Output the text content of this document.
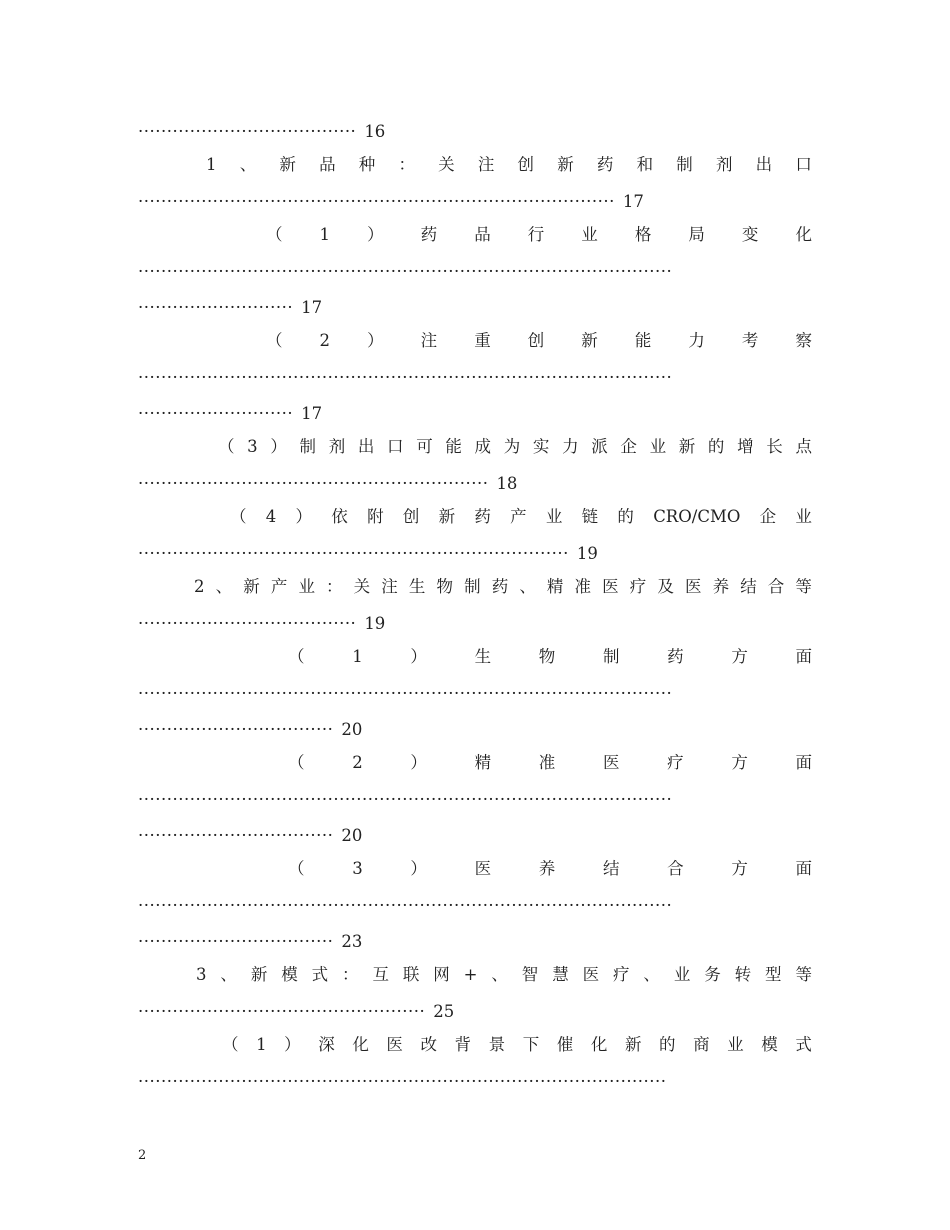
······································ 16
1 、 新 品 种 ： 关 注 创 新 药 和 制 剂 出 口
··················································································· 17
（ 1 ） 药 品 行 业 格 局 变 化
·····························································································
··························· 17
（ 2 ） 注 重 创 新 能 力 考 察
·····························································································
··························· 17
（ 3 ） 制 剂 出 口 可 能 成 为 实 力 派 企 业 新 的 增 长 点
····························································· 18
（ 4 ） 依 附 创 新 药 产 业 链 的 CRO/CMO 企 业
··········································································· 19
2 、 新 产 业 ： 关 注 生 物 制 药 、 精 准 医 疗 及 医 养 结 合 等
······································ 19
（	1	）	生	物	制	药	方	面
·····························································································
·································· 20
（	2	）	精	准	医	疗	方	面
·····························································································
·································· 20
（	3	）	医	养	结	合	方	面
·····························································································
·································· 23
3 、 新 模 式 ： 互 联 网 + 、 智 慧 医 疗 、 业 务 转 型 等
·················································· 25
（ 1 ） 深 化 医 改 背 景 下 催 化 新 的 商 业 模 式
····························································································
2
